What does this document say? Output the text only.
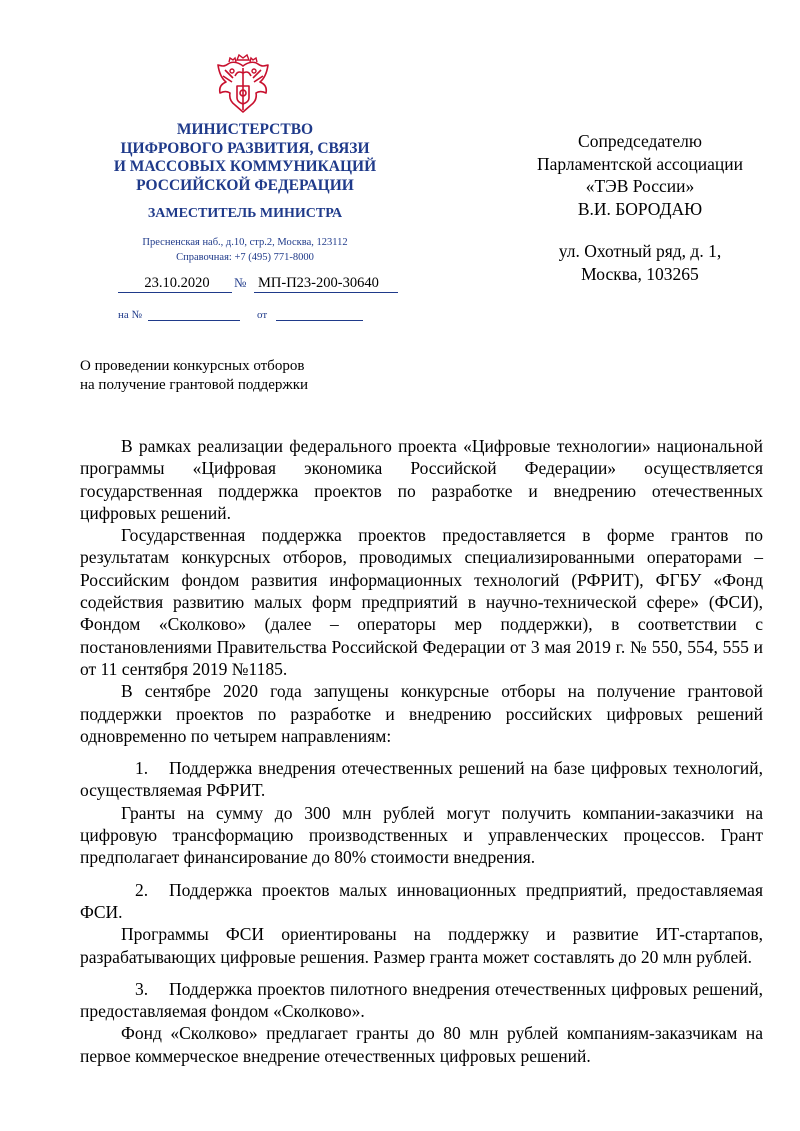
МИНИСТЕРСТВО
ЦИФРОВОГО РАЗВИТИЯ, СВЯЗИ
И МАССОВЫХ КОММУНИКАЦИЙ
РОССИЙСКОЙ ФЕДЕРАЦИИ
ЗАМЕСТИТЕЛЬ МИНИСТРА
Пресненская наб., д.10, стр.2, Москва, 123112
Справочная: +7 (495) 771-8000
23.10.2020	№ МП-П23-200-30640
на №	от
Сопредседателю
Парламентской ассоциации
«ТЭВ России»
В.И. БОРОДАЮ
ул. Охотный ряд, д. 1,
Москва, 103265
О проведении конкурсных отборов
на получение грантовой поддержки

В рамках реализации федерального проекта «Цифровые технологии» национальной программы «Цифровая экономика Российской Федерации» осуществляется государственная поддержка проектов по разработке и внедрению отечественных цифровых решений.

Государственная поддержка проектов предоставляется в форме грантов по результатам конкурсных отборов, проводимых специализированными операторами – Российским фондом развития информационных технологий (РФРИТ), ФГБУ «Фонд содействия развитию малых форм предприятий в научно-технической сфере» (ФСИ), Фондом «Сколково» (далее – операторы мер поддержки), в соответствии с постановлениями Правительства Российской Федерации от 3 мая 2019 г. № 550, 554, 555 и от 11 сентября 2019 №1185.

В сентябре 2020 года запущены конкурсные отборы на получение грантовой поддержки проектов по разработке и внедрению российских цифровых решений одновременно по четырем направлениям:

1. Поддержка внедрения отечественных решений на базе цифровых технологий, осуществляемая РФРИТ.

Гранты на сумму до 300 млн рублей могут получить компании-заказчики на цифровую трансформацию производственных и управленческих процессов. Грант предполагает финансирование до 80% стоимости внедрения.

2. Поддержка проектов малых инновационных предприятий, предоставляемая ФСИ.

Программы ФСИ ориентированы на поддержку и развитие ИТ-стартапов, разрабатывающих цифровые решения. Размер гранта может составлять до 20 млн рублей.

3. Поддержка проектов пилотного внедрения отечественных цифровых решений, предоставляемая фондом «Сколково».

Фонд «Сколково» предлагает гранты до 80 млн рублей компаниям-заказчикам на первое коммерческое внедрение отечественных цифровых решений.
